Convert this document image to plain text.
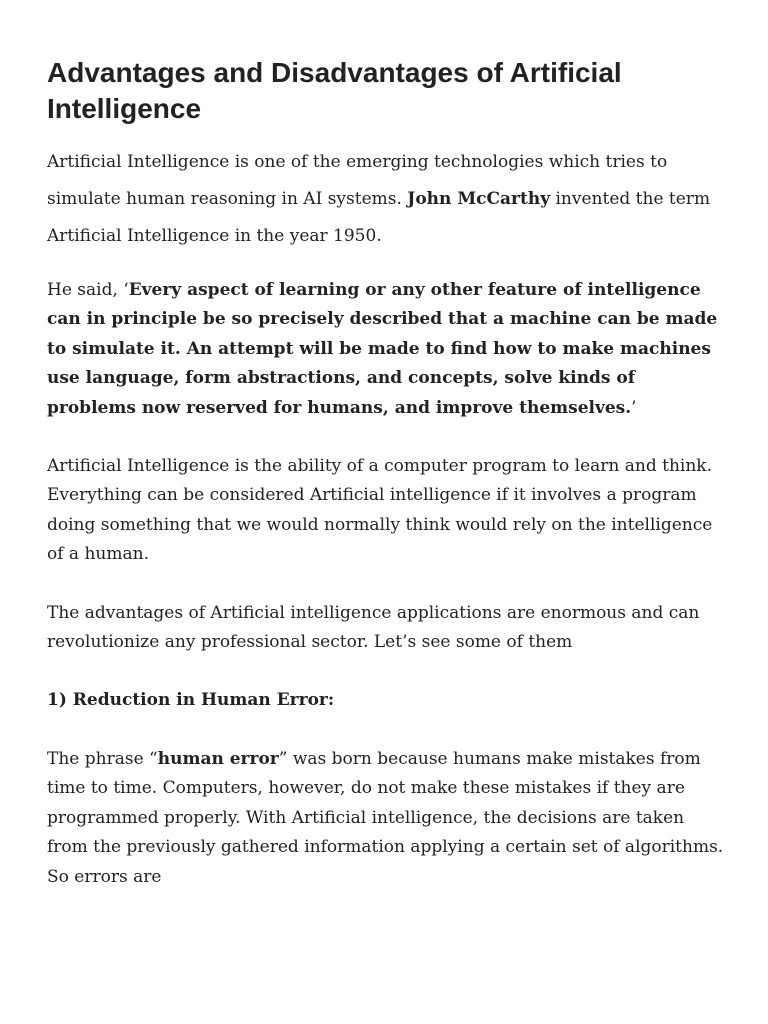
Advantages and Disadvantages of Artificial Intelligence

Artificial Intelligence is one of the emerging technologies which tries to simulate human reasoning in AI systems. John McCarthy invented the term Artificial Intelligence in the year 1950.

He said, ‘Every aspect of learning or any other feature of intelligence can in principle be so precisely described that a machine can be made to simulate it. An attempt will be made to find how to make machines use language, form abstractions, and concepts, solve kinds of problems now reserved for humans, and improve themselves.’

Artificial Intelligence is the ability of a computer program to learn and think. Everything can be considered Artificial intelligence if it involves a program doing something that we would normally think would rely on the intelligence of a human.

The advantages of Artificial intelligence applications are enormous and can revolutionize any professional sector. Let’s see some of them

1) Reduction in Human Error:

The phrase “human error” was born because humans make mistakes from time to time. Computers, however, do not make these mistakes if they are programmed properly. With Artificial intelligence, the decisions are taken from the previously gathered information applying a certain set of algorithms. So errors are
